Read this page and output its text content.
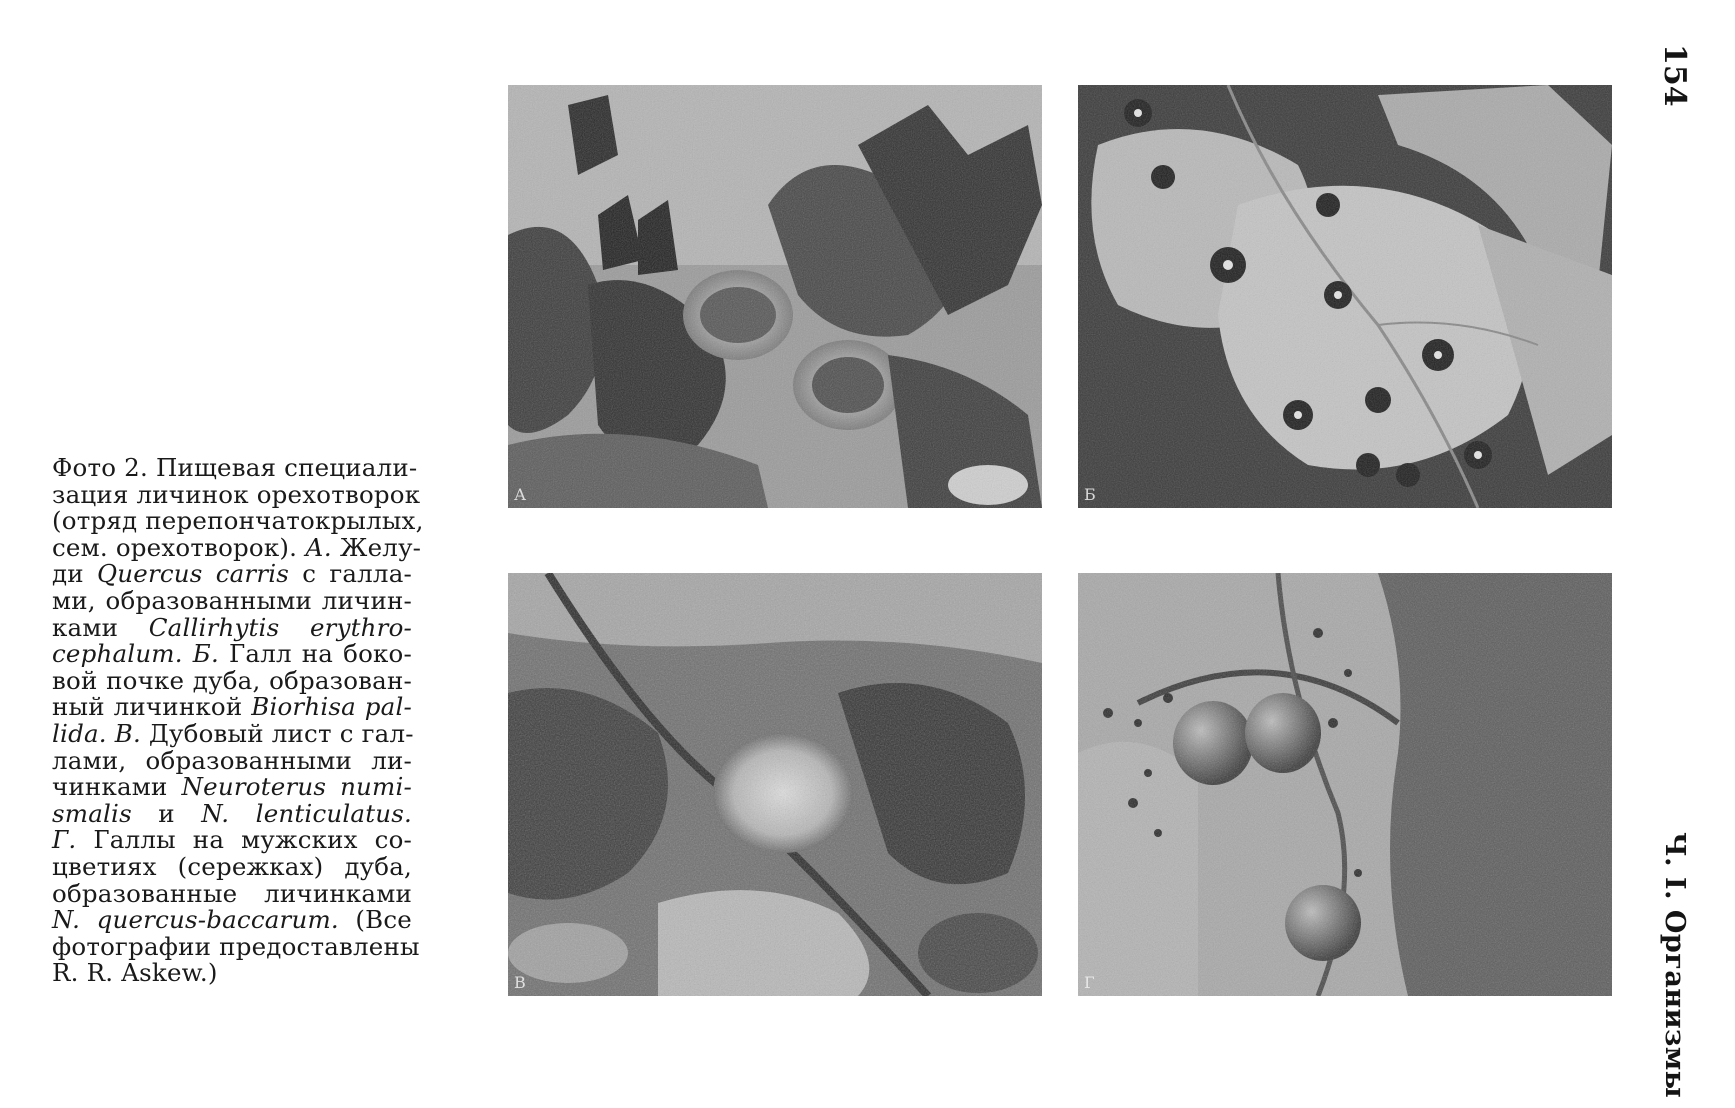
Фото 2. Пищевая специали-
зация личинок орехотворок
(отряд перепончатокрылых,
сем. орехотворок). А. Желу-
ди Quercus carris с галла-
ми, образованными личин-
ками Callirhytis erythro-
cephalum. Б. Галл на боко-
вой почке дуба, образован-
ный личинкой Biorhisa pal-
lida. В. Дубовый лист с гал-
лами, образованными ли-
чинками Neuroterus numi-
smalis и N. lenticulatus.
Г. Галлы на мужских со-
цветиях (сережках) дуба,
образованные личинками
N. quercus-baccarum. (Все
фотографии предоставлены
R. R. Askew.)
А	Б
В	Г
154
Ч. I. Организмы
